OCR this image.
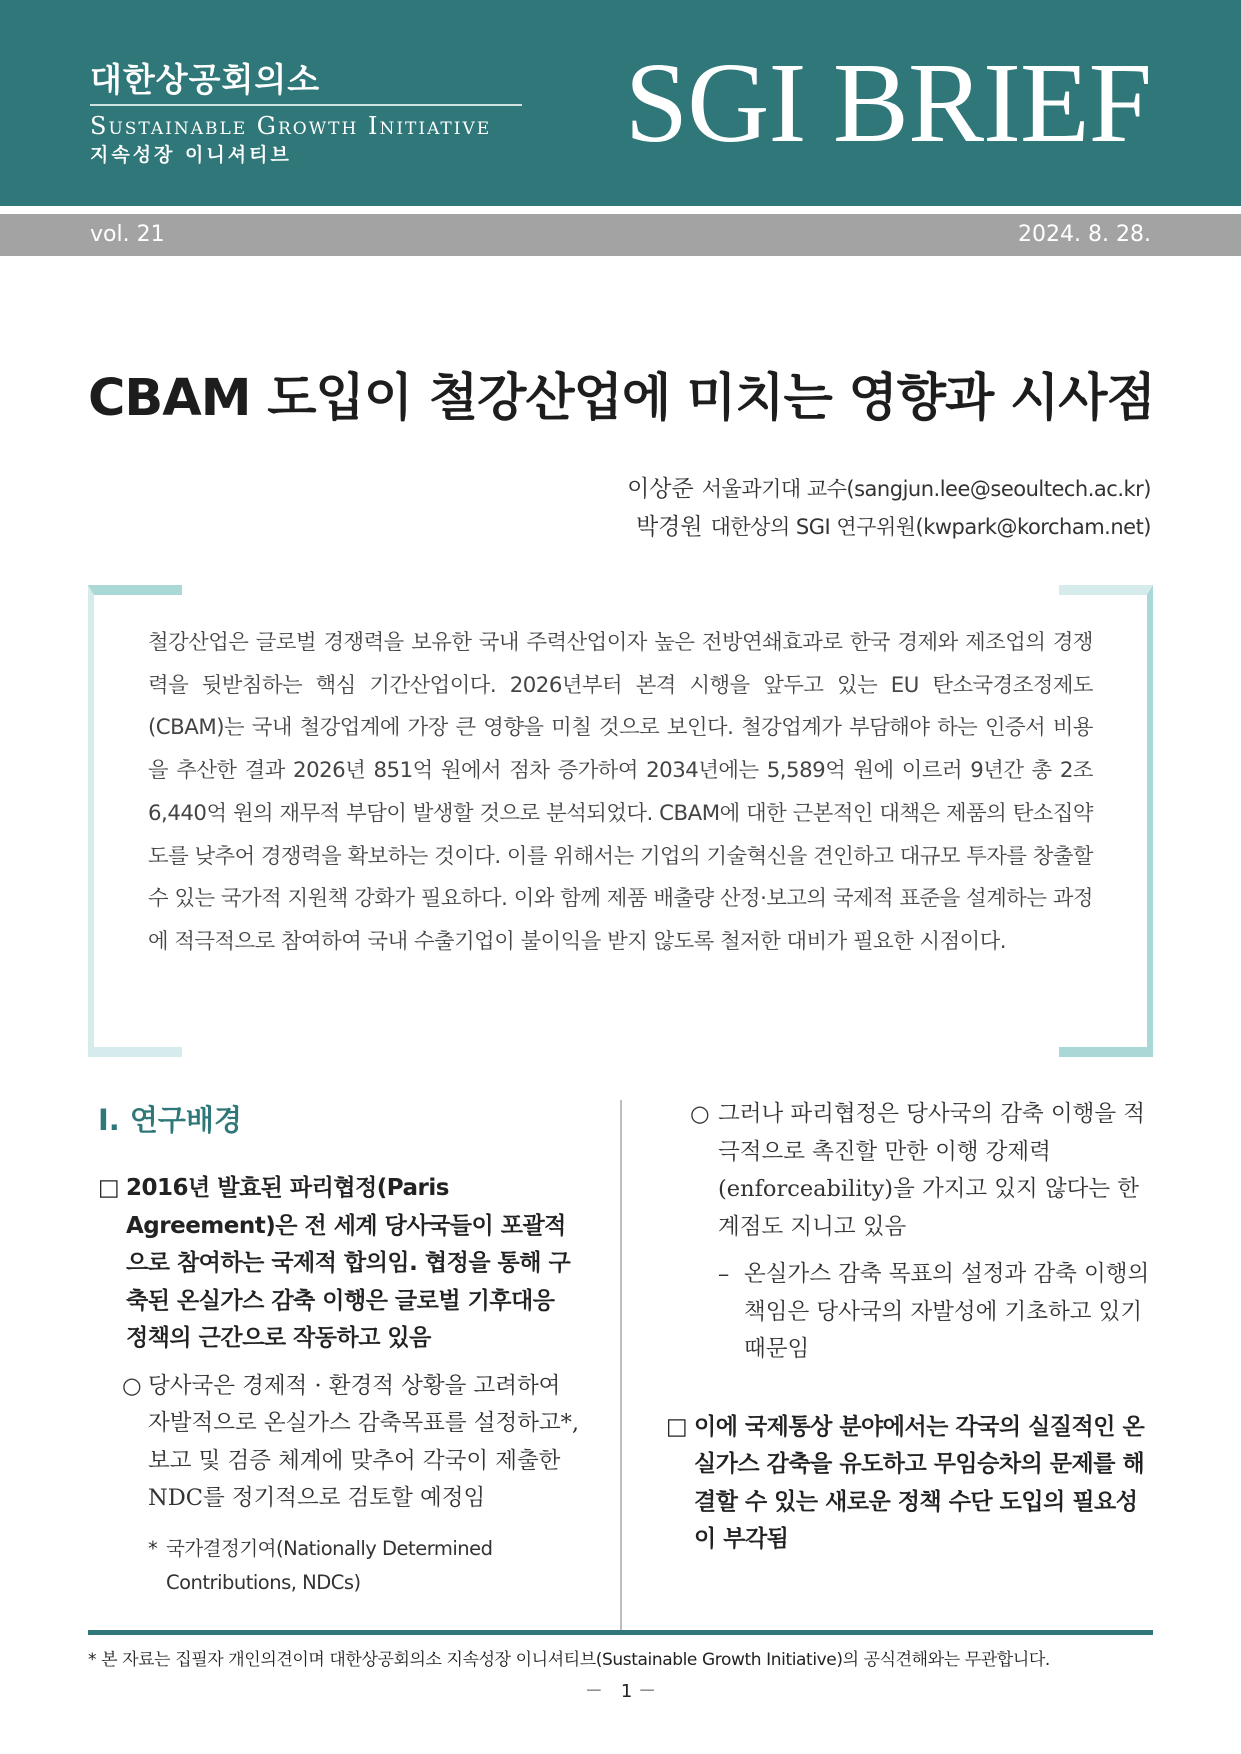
대한상공회의소
Sustainable Growth Initiative
지속성장 이니셔티브	SGI BRIEF
vol. 21	2024. 8. 28.
CBAM 도입이 철강산업에 미치는 영향과 시사점
이상준 서울과기대 교수(sangjun.lee@seoultech.ac.kr)
박경원 대한상의 SGI 연구위원(kwpark@korcham.net)
철강산업은 글로벌 경쟁력을 보유한 국내 주력산업이자 높은 전방연쇄효과로 한국 경제와 제조업의 경쟁력을 뒷받침하는 핵심 기간산업이다. 2026년부터 본격 시행을 앞두고 있는 EU 탄소국경조정제도(CBAM)는 국내 철강업계에 가장 큰 영향을 미칠 것으로 보인다. 철강업계가 부담해야 하는 인증서 비용을 추산한 결과 2026년 851억 원에서 점차 증가하여 2034년에는 5,589억 원에 이르러 9년간 총 2조 6,440억 원의 재무적 부담이 발생할 것으로 분석되었다. CBAM에 대한 근본적인 대책은 제품의 탄소집약도를 낮추어 경쟁력을 확보하는 것이다. 이를 위해서는 기업의 기술혁신을 견인하고 대규모 투자를 창출할 수 있는 국가적 지원책 강화가 필요하다. 이와 함께 제품 배출량 산정·보고의 국제적 표준을 설계하는 과정에 적극적으로 참여하여 국내 수출기업이 불이익을 받지 않도록 철저한 대비가 필요한 시점이다.
Ⅰ. 연구배경
□ 2016년 발효된 파리협정(Paris Agreement)은 전 세계 당사국들이 포괄적으로 참여하는 국제적 합의임. 협정을 통해 구축된 온실가스 감축 이행은 글로벌 기후대응 정책의 근간으로 작동하고 있음
○ 당사국은 경제적 · 환경적 상황을 고려하여 자발적으로 온실가스 감축목표를 설정하고*, 보고 및 검증 체계에 맞추어 각국이 제출한 NDC를 정기적으로 검토할 예정임
* 국가결정기여(Nationally Determined Contributions, NDCs)
○ 그러나 파리협정은 당사국의 감축 이행을 적극적으로 촉진할 만한 이행 강제력(enforceability)을 가지고 있지 않다는 한계점도 지니고 있음
– 온실가스 감축 목표의 설정과 감축 이행의 책임은 당사국의 자발성에 기초하고 있기 때문임
□ 이에 국제통상 분야에서는 각국의 실질적인 온실가스 감축을 유도하고 무임승차의 문제를 해결할 수 있는 새로운 정책 수단 도입의 필요성이 부각됨
* 본 자료는 집필자 개인의견이며 대한상공회의소 지속성장 이니셔티브(Sustainable Growth Initiative)의 공식견해와는 무관합니다.
－　1 －
